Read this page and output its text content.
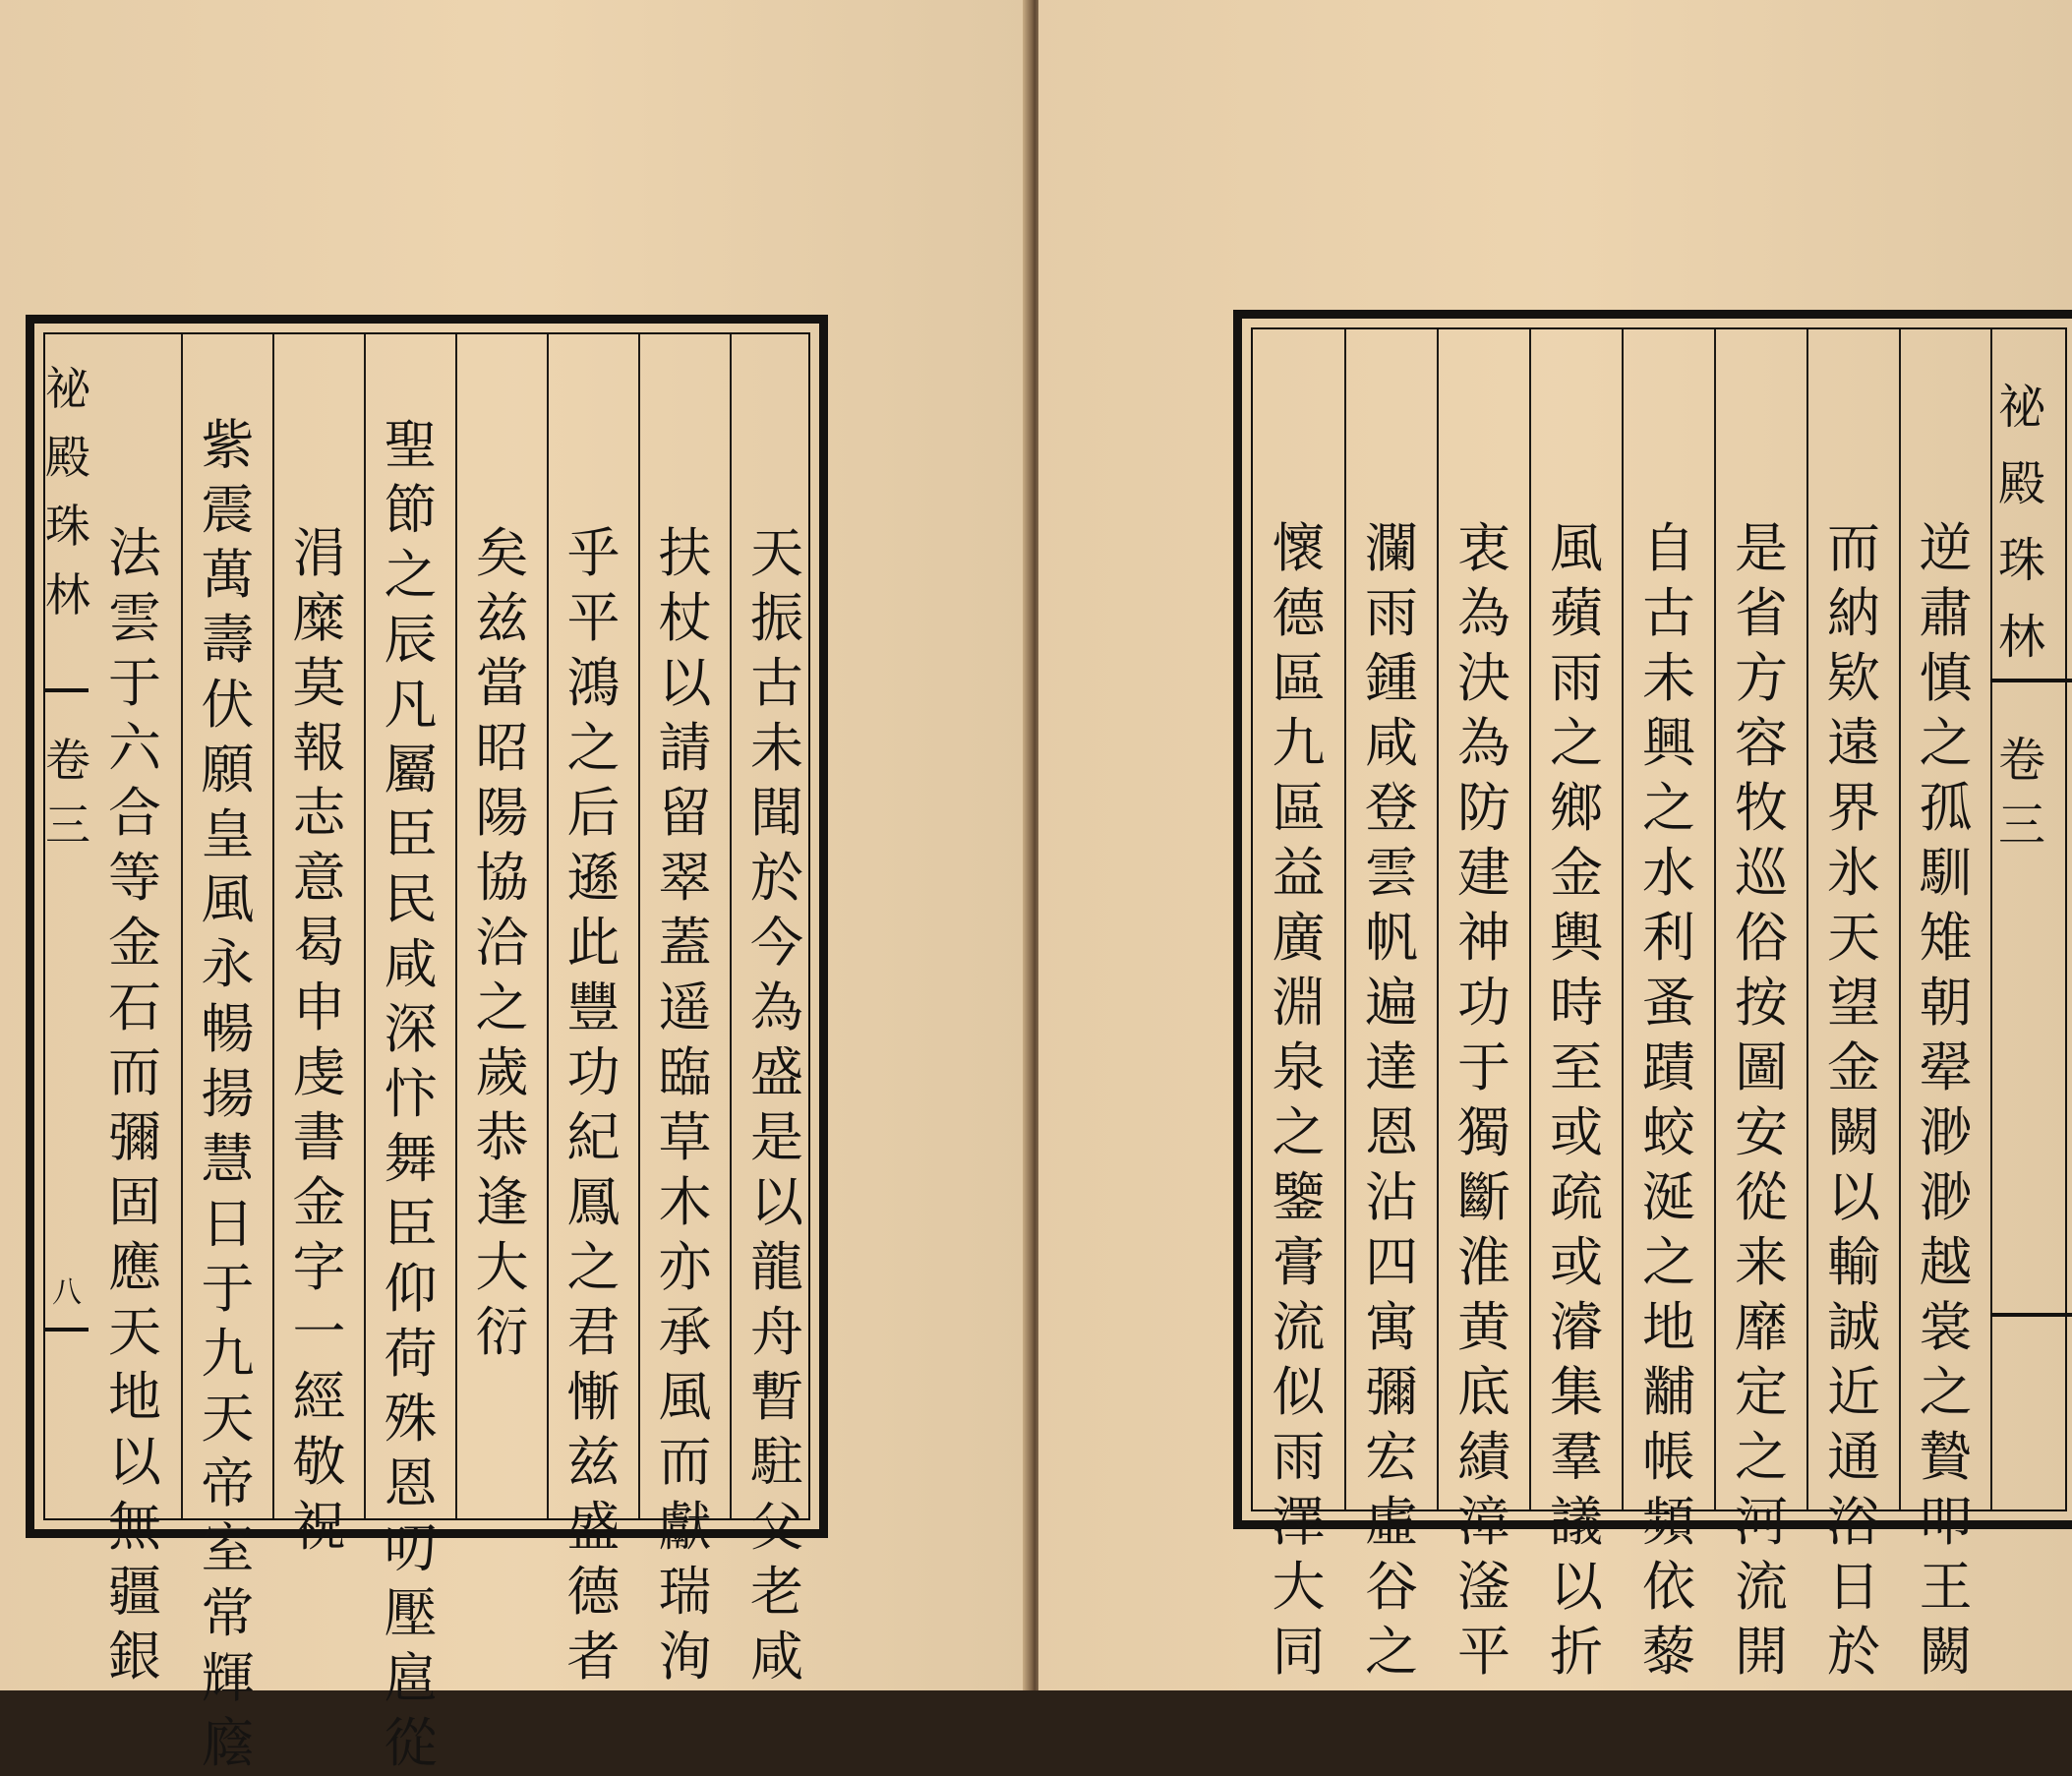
祕殿珠林
卷三
八
法雲于六合等金石而彌固應天地以無疆銀
紫震萬壽伏願皇風永暢揚慧日于九天帝室常輝廕
涓糜莫報志意曷申虔書金字一經敬祝
聖節之辰凡屬臣民咸深忭舞臣仰荷殊恩叨壓扈從
矣兹當昭陽協洽之歲恭逢大衍
乎平鴻之后遜此豐功紀鳳之君慚兹盛德者
扶杖以請留翠蓋遥臨草木亦承風而獻瑞洵
天振古未聞於今為盛是以龍舟暫駐父老咸
懷德區九區益廣淵泉之鑒膏流似雨澤大同
瀾雨鍾咸登雲帆遍達恩沾四寓彌宏虛谷之
衷為決為防建神功于獨斷淮黄底績漳滏平
風蘋雨之鄉金輿時至或疏或濬集羣議以折
自古未興之水利蚤蹟蛟涎之地黼帳頻依藜
是省方容牧巡俗按圖安從来靡定之河流開
而納欵遠界氷天望金闕以輸誠近通浴日於
逆肅慎之孤馴雉朝翚渺渺越裳之贄叩王闕
祕殿珠林
卷三
